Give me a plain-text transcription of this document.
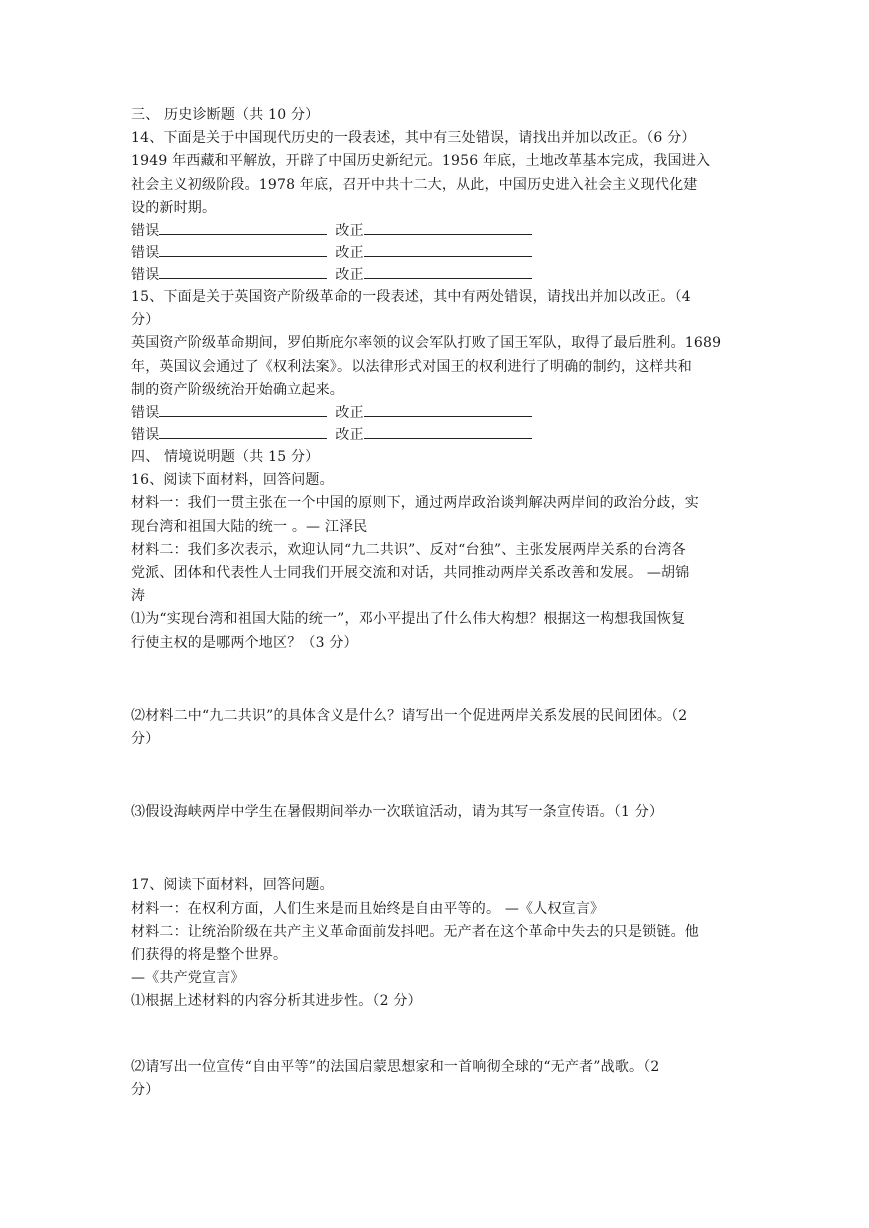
三、 历史诊断题（共 10 分）
14、下面是关于中国现代历史的一段表述，其中有三处错误，请找出并加以改正。（6 分）
1949 年西藏和平解放，开辟了中国历史新纪元。1956 年底，土地改革基本完成，我国进入
社会主义初级阶段。1978 年底，召开中共十二大，从此，中国历史进入社会主义现代化建
设的新时期。
错误	改正
错误	改正
错误	改正
15、下面是关于英国资产阶级革命的一段表述，其中有两处错误，请找出并加以改正。（4
分）
英国资产阶级革命期间，罗伯斯庇尔率领的议会军队打败了国王军队，取得了最后胜利。1689
年，英国议会通过了《权利法案》。以法律形式对国王的权利进行了明确的制约，这样共和
制的资产阶级统治开始确立起来。
错误	改正
错误	改正
四、 情境说明题（共 15 分）
16、阅读下面材料，回答问题。
材料一：我们一贯主张在一个中国的原则下，通过两岸政治谈判解决两岸间的政治分歧，实
现台湾和祖国大陆的统一 。— 江泽民
材料二：我们多次表示，欢迎认同“九二共识”、反对“台独”、主张发展两岸关系的台湾各
党派、团体和代表性人士同我们开展交流和对话，共同推动两岸关系改善和发展。 —胡锦
涛
⑴为“实现台湾和祖国大陆的统一”，邓小平提出了什么伟大构想？根据这一构想我国恢复
行使主权的是哪两个地区？（3 分）
⑵材料二中“九二共识”的具体含义是什么？请写出一个促进两岸关系发展的民间团体。（2
分）
⑶假设海峡两岸中学生在暑假期间举办一次联谊活动，请为其写一条宣传语。（1 分）
17、阅读下面材料，回答问题。
材料一：在权利方面，人们生来是而且始终是自由平等的。 —《人权宣言》
材料二：让统治阶级在共产主义革命面前发抖吧。无产者在这个革命中失去的只是锁链。他
们获得的将是整个世界。
—《共产党宣言》
⑴根据上述材料的内容分析其进步性。（2 分）
⑵请写出一位宣传“自由平等”的法国启蒙思想家和一首响彻全球的“无产者”战歌。（2
分）
